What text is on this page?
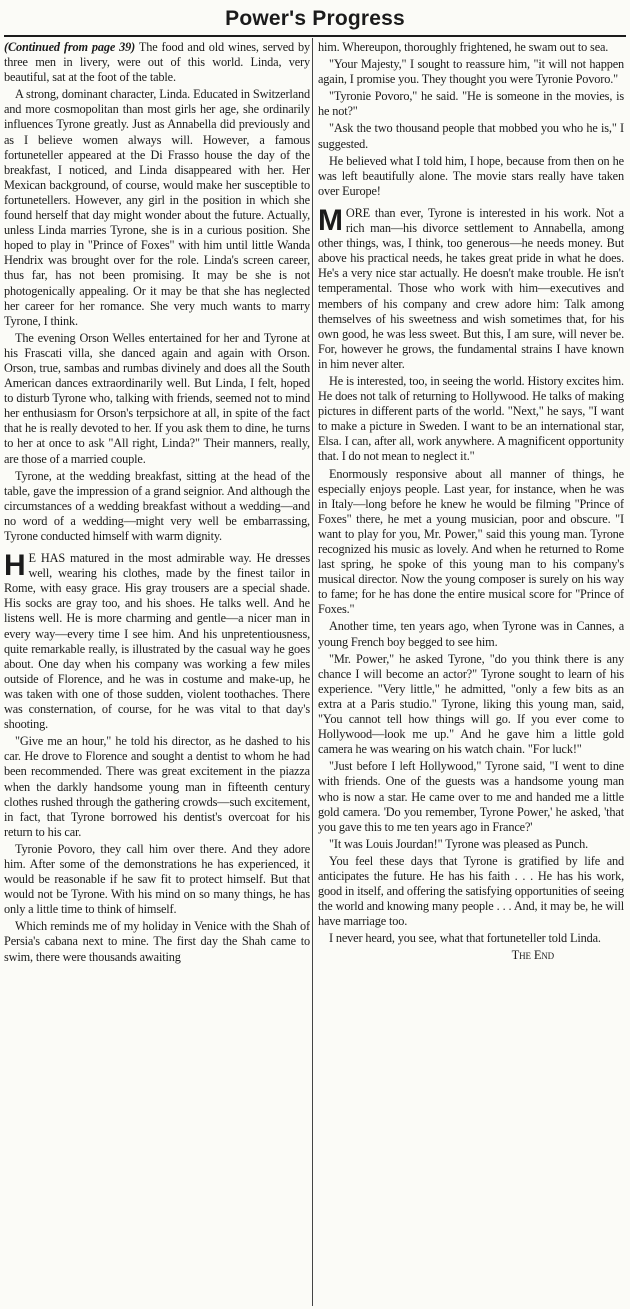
Power's Progress

(Continued from page 39) The food and old wines, served by three men in livery, were out of this world. Linda, very beautiful, sat at the foot of the table.

A strong, dominant character, Linda. Educated in Switzerland and more cosmopolitan than most girls her age, she ordinarily influences Tyrone greatly. Just as Annabella did previously and as I believe women always will. However, a famous fortuneteller appeared at the Di Frasso house the day of the breakfast, I noticed, and Linda disappeared with her. Her Mexican background, of course, would make her susceptible to fortunetellers. However, any girl in the position in which she found herself that day might wonder about the future. Actually, unless Linda marries Tyrone, she is in a curious position. She hoped to play in "Prince of Foxes" with him until little Wanda Hendrix was brought over for the role. Linda's screen career, thus far, has not been promising. It may be she is not photogenically appealing. Or it may be that she has neglected her career for her romance. She very much wants to marry Tyrone, I think.

The evening Orson Welles entertained for her and Tyrone at his Frascati villa, she danced again and again with Orson. Orson, true, sambas and rumbas divinely and does all the South American dances extraordinarily well. But Linda, I felt, hoped to disturb Tyrone who, talking with friends, seemed not to mind her enthusiasm for Orson's terpsichore at all, in spite of the fact that he is really devoted to her. If you ask them to dine, he turns to her at once to ask "All right, Linda?" Their manners, really, are those of a married couple.

Tyrone, at the wedding breakfast, sitting at the head of the table, gave the impression of a grand seignior. And although the circumstances of a wedding breakfast without a wedding—and no word of a wedding—might very well be embarrassing, Tyrone conducted himself with warm dignity.

H E HAS matured in the most admirable way. He dresses well, wearing his clothes, made by the finest tailor in Rome, with easy grace. His gray trousers are a special shade. His socks are gray too, and his shoes. He talks well. And he listens well. He is more charming and gentle—a nicer man in every way—every time I see him. And his unpretentiousness, quite remarkable really, is illustrated by the casual way he goes about. One day when his company was working a few miles outside of Florence, and he was in costume and make-up, he was taken with one of those sudden, violent toothaches. There was consternation, of course, for he was vital to that day's shooting.

"Give me an hour," he told his director, as he dashed to his car. He drove to Florence and sought a dentist to whom he had been recommended. There was great excitement in the piazza when the darkly handsome young man in fifteenth century clothes rushed through the gathering crowds—such excitement, in fact, that Tyrone borrowed his dentist's overcoat for his return to his car.

Tyronie Povoro, they call him over there. And they adore him. After some of the demonstrations he has experienced, it would be reasonable if he saw fit to protect himself. But that would not be Tyrone. With his mind on so many things, he has only a little time to think of himself.

Which reminds me of my holiday in Venice with the Shah of Persia's cabana next to mine. The first day the Shah came to swim, there were thousands awaiting

him. Whereupon, thoroughly frightened, he swam out to sea.

"Your Majesty," I sought to reassure him, "it will not happen again, I promise you. They thought you were Tyronie Povoro."

"Tyronie Povoro," he said. "He is someone in the movies, is he not?"

"Ask the two thousand people that mobbed you who he is," I suggested.

He believed what I told him, I hope, because from then on he was left beautifully alone. The movie stars really have taken over Europe!

MORE than ever, Tyrone is interested in his work. Not a rich man—his divorce settlement to Annabella, among other things, was, I think, too generous—he needs money. But above his practical needs, he takes great pride in what he does. He's a very nice star actually. He doesn't make trouble. He isn't temperamental. Those who work with him—executives and members of his company and crew adore him: Talk among themselves of his sweetness and wish sometimes that, for his own good, he was less sweet. But this, I am sure, will never be. For, however he grows, the fundamental strains I have known in him never alter.

He is interested, too, in seeing the world. History excites him. He does not talk of returning to Hollywood. He talks of making pictures in different parts of the world. "Next," he says, "I want to make a picture in Sweden. I want to be an international star, Elsa. I can, after all, work anywhere. A magnificent opportunity that. I do not mean to neglect it."

Enormously responsive about all manner of things, he especially enjoys people. Last year, for instance, when he was in Italy—long before he knew he would be filming "Prince of Foxes" there, he met a young musician, poor and obscure. "I want to play for you, Mr. Power," said this young man. Tyrone recognized his music as lovely. And when he returned to Rome last spring, he spoke of this young man to his company's musical director. Now the young composer is surely on his way to fame; for he has done the entire musical score for "Prince of Foxes."

Another time, ten years ago, when Tyrone was in Cannes, a young French boy begged to see him.

"Mr. Power," he asked Tyrone, "do you think there is any chance I will become an actor?" Tyrone sought to learn of his experience. "Very little," he admitted, "only a few bits as an extra at a Paris studio." Tyrone, liking this young man, said, "You cannot tell how things will go. If you ever come to Hollywood—look me up." And he gave him a little gold camera he was wearing on his watch chain. "For luck!"

"Just before I left Hollywood," Tyrone said, "I went to dine with friends. One of the guests was a handsome young man who is now a star. He came over to me and handed me a little gold camera. 'Do you remember, Tyrone Power,' he asked, 'that you gave this to me ten years ago in France?'

"It was Louis Jourdan!" Tyrone was pleased as Punch.

You feel these days that Tyrone is gratified by life and anticipates the future. He has his faith . . . He has his work, good in itself, and offering the satisfying opportunities of seeing the world and knowing many people . . . And, it may be, he will have marriage too.

I never heard, you see, what that fortuneteller told Linda.

The End
